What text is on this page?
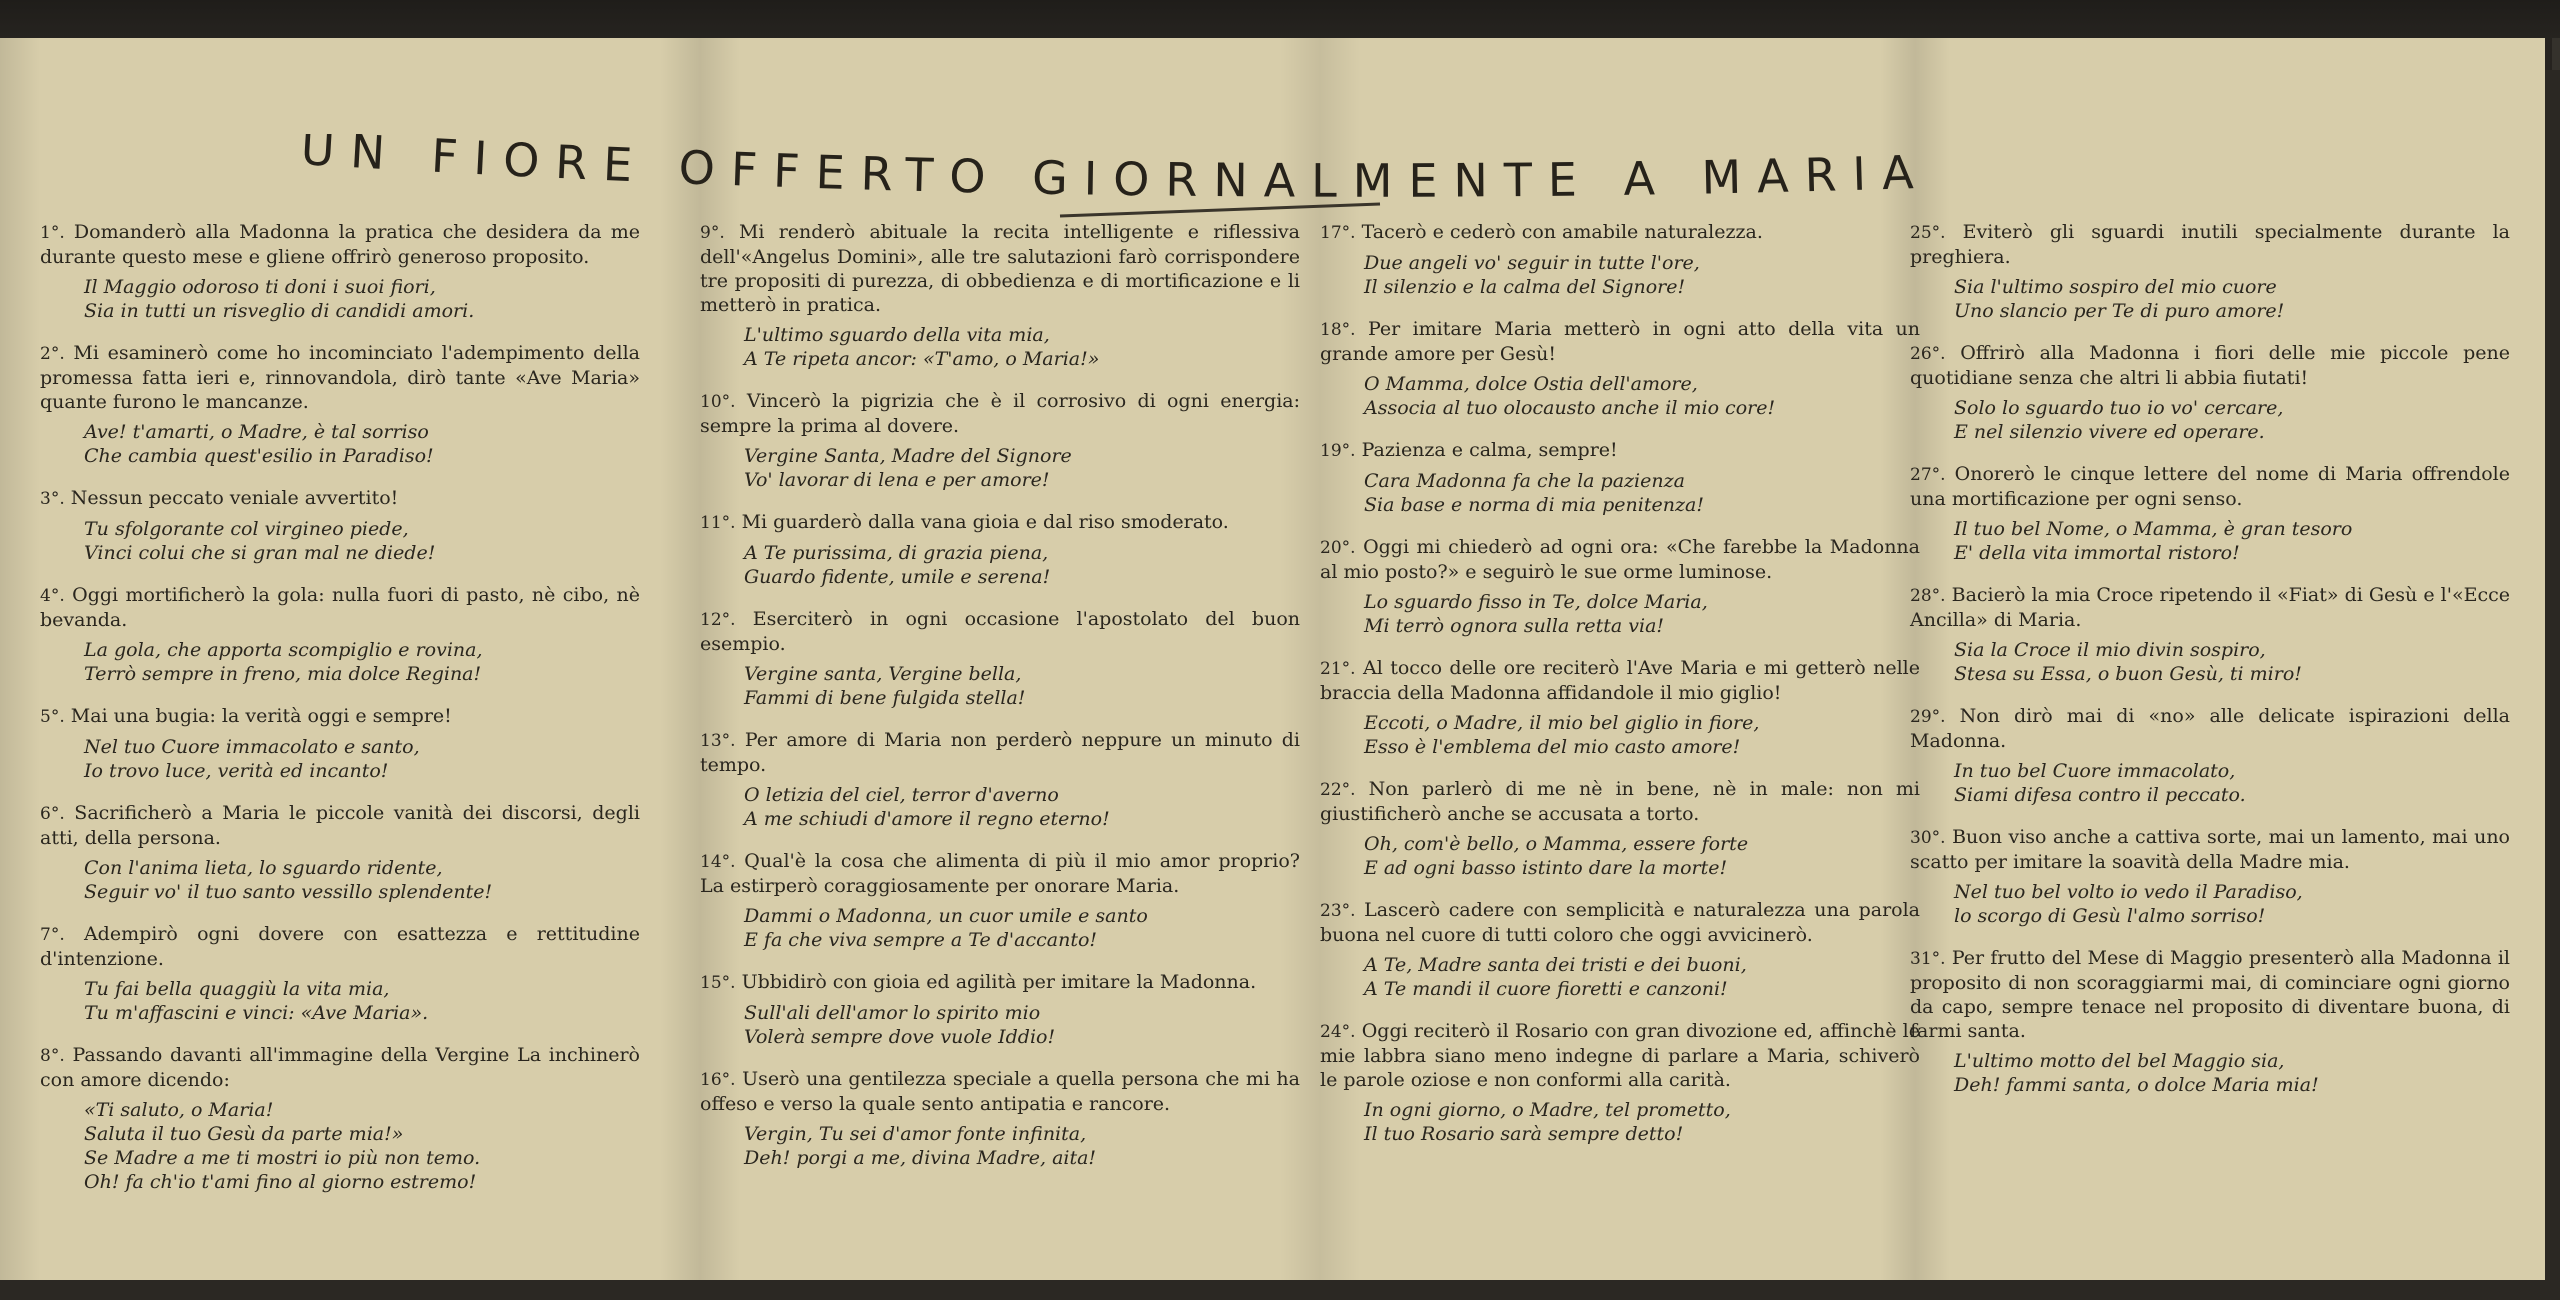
UN FIORE OFFERTO GIORNALMENTE A MARIA

1°. Domanderò alla Madonna la pratica che desidera da me durante questo mese e gliene offrirò generoso proposito.

Il Maggio odoroso ti doni i suoi fiori,
Sia in tutti un risveglio di candidi amori.

2°. Mi esaminerò come ho incominciato l'adempimento della promessa fatta ieri e, rinnovandola, dirò tante «Ave Maria» quante furono le mancanze.

Ave! t'amarti, o Madre, è tal sorriso
Che cambia quest'esilio in Paradiso!

3°. Nessun peccato veniale avvertito!

Tu sfolgorante col virgineo piede,
Vinci colui che si gran mal ne diede!

4°. Oggi mortificherò la gola: nulla fuori di pasto, nè cibo, nè bevanda.

La gola, che apporta scompiglio e rovina,
Terrò sempre in freno, mia dolce Regina!

5°. Mai una bugia: la verità oggi e sempre!

Nel tuo Cuore immacolato e santo,
Io trovo luce, verità ed incanto!

6°. Sacrificherò a Maria le piccole vanità dei discorsi, degli atti, della persona.

Con l'anima lieta, lo sguardo ridente,
Seguir vo' il tuo santo vessillo splendente!

7°. Adempirò ogni dovere con esattezza e rettitudine d'intenzione.

Tu fai bella quaggiù la vita mia,
Tu m'affascini e vinci: «Ave Maria».

8°. Passando davanti all'immagine della Vergine La inchinerò con amore dicendo:

«Ti saluto, o Maria!
Saluta il tuo Gesù da parte mia!»
Se Madre a me ti mostri io più non temo.
Oh! fa ch'io t'ami fino al giorno estremo!

9°. Mi renderò abituale la recita intelligente e riflessiva dell'«Angelus Domini», alle tre salutazioni farò corrispondere tre propositi di purezza, di obbedienza e di mortificazione e li metterò in pratica.

L'ultimo sguardo della vita mia,
A Te ripeta ancor: «T'amo, o Maria!»

10°. Vincerò la pigrizia che è il corrosivo di ogni energia: sempre la prima al dovere.

Vergine Santa, Madre del Signore
Vo' lavorar di lena e per amore!

11°. Mi guarderò dalla vana gioia e dal riso smoderato.

A Te purissima, di grazia piena,
Guardo fidente, umile e serena!

12°. Eserciterò in ogni occasione l'apostolato del buon esempio.

Vergine santa, Vergine bella,
Fammi di bene fulgida stella!

13°. Per amore di Maria non perderò neppure un minuto di tempo.

O letizia del ciel, terror d'averno
A me schiudi d'amore il regno eterno!

14°. Qual'è la cosa che alimenta di più il mio amor proprio? La estirperò coraggiosamente per onorare Maria.

Dammi o Madonna, un cuor umile e santo
E fa che viva sempre a Te d'accanto!

15°. Ubbidirò con gioia ed agilità per imitare la Madonna.

Sull'ali dell'amor lo spirito mio
Volerà sempre dove vuole Iddio!

16°. Userò una gentilezza speciale a quella persona che mi ha offeso e verso la quale sento antipatia e rancore.

Vergin, Tu sei d'amor fonte infinita,
Deh! porgi a me, divina Madre, aita!

17°. Tacerò e cederò con amabile naturalezza.

Due angeli vo' seguir in tutte l'ore,
Il silenzio e la calma del Signore!

18°. Per imitare Maria metterò in ogni atto della vita un grande amore per Gesù!

O Mamma, dolce Ostia dell'amore,
Associa al tuo olocausto anche il mio core!

19°. Pazienza e calma, sempre!

Cara Madonna fa che la pazienza
Sia base e norma di mia penitenza!

20°. Oggi mi chiederò ad ogni ora: «Che farebbe la Madonna al mio posto?» e seguirò le sue orme luminose.

Lo sguardo fisso in Te, dolce Maria,
Mi terrò ognora sulla retta via!

21°. Al tocco delle ore reciterò l'Ave Maria e mi getterò nelle braccia della Madonna affidandole il mio giglio!

Eccoti, o Madre, il mio bel giglio in fiore,
Esso è l'emblema del mio casto amore!

22°. Non parlerò di me nè in bene, nè in male: non mi giustificherò anche se accusata a torto.

Oh, com'è bello, o Mamma, essere forte
E ad ogni basso istinto dare la morte!

23°. Lascerò cadere con semplicità e naturalezza una parola buona nel cuore di tutti coloro che oggi avvicinerò.

A Te, Madre santa dei tristi e dei buoni,
A Te mandi il cuore fioretti e canzoni!

24°. Oggi reciterò il Rosario con gran divozione ed, affinchè le mie labbra siano meno indegne di parlare a Maria, schiverò le parole oziose e non conformi alla carità.

In ogni giorno, o Madre, tel prometto,
Il tuo Rosario sarà sempre detto!

25°. Eviterò gli sguardi inutili specialmente durante la preghiera.

Sia l'ultimo sospiro del mio cuore
Uno slancio per Te di puro amore!

26°. Offrirò alla Madonna i fiori delle mie piccole pene quotidiane senza che altri li abbia fiutati!

Solo lo sguardo tuo io vo' cercare,
E nel silenzio vivere ed operare.

27°. Onorerò le cinque lettere del nome di Maria offrendole una mortificazione per ogni senso.

Il tuo bel Nome, o Mamma, è gran tesoro
E' della vita immortal ristoro!

28°. Bacierò la mia Croce ripetendo il «Fiat» di Gesù e l'«Ecce Ancilla» di Maria.

Sia la Croce il mio divin sospiro,
Stesa su Essa, o buon Gesù, ti miro!

29°. Non dirò mai di «no» alle delicate ispirazioni della Madonna.

In tuo bel Cuore immacolato,
Siami difesa contro il peccato.

30°. Buon viso anche a cattiva sorte, mai un lamento, mai uno scatto per imitare la soavità della Madre mia.

Nel tuo bel volto io vedo il Paradiso,
lo scorgo di Gesù l'almo sorriso!

31°. Per frutto del Mese di Maggio presenterò alla Madonna il proposito di non scoraggiarmi mai, di cominciare ogni giorno da capo, sempre tenace nel proposito di diventare buona, di farmi santa.

L'ultimo motto del bel Maggio sia,
Deh! fammi santa, o dolce Maria mia!
